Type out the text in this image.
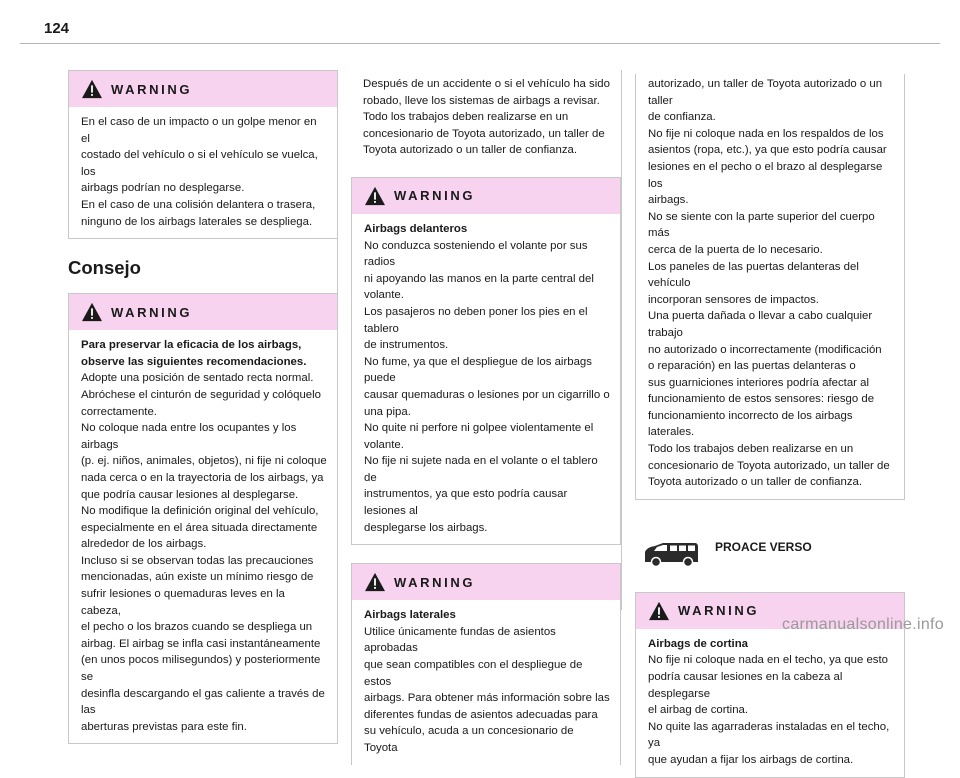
124
WARNING

En el caso de un impacto o un golpe menor en el

costado del vehículo o si el vehículo se vuelca, los

airbags podrían no desplegarse.

En el caso de una colisión delantera o trasera,

ninguno de los airbags laterales se despliega.

Consejo

WARNING

Para preservar la eficacia de los airbags,

observe las siguientes recomendaciones.

Adopte una posición de sentado recta normal.

Abróchese el cinturón de seguridad y colóquelo

correctamente.

No coloque nada entre los ocupantes y los airbags

(p. ej. niños, animales, objetos), ni fije ni coloque

nada cerca o en la trayectoria de los airbags, ya

que podría causar lesiones al desplegarse.

No modifique la definición original del vehículo,

especialmente en el área situada directamente

alrededor de los airbags.

Incluso si se observan todas las precauciones

mencionadas, aún existe un mínimo riesgo de

sufrir lesiones o quemaduras leves en la cabeza,

el pecho o los brazos cuando se despliega un

airbag. El airbag se infla casi instantáneamente

(en unos pocos milisegundos) y posteriormente se

desinfla descargando el gas caliente a través de las

aberturas previstas para este fin.

Después de un accidente o si el vehículo ha sido

robado, lleve los sistemas de airbags a revisar.

Todo los trabajos deben realizarse en un

concesionario de Toyota autorizado, un taller de

Toyota autorizado o un taller de confianza.

WARNING

Airbags delanteros

No conduzca sosteniendo el volante por sus radios

ni apoyando las manos en la parte central del

volante.

Los pasajeros no deben poner los pies en el tablero

de instrumentos.

No fume, ya que el despliegue de los airbags puede

causar quemaduras o lesiones por un cigarrillo o

una pipa.

No quite ni perfore ni golpee violentamente el

volante.

No fije ni sujete nada en el volante o el tablero de

instrumentos, ya que esto podría causar lesiones al

desplegarse los airbags.

WARNING

Airbags laterales

Utilice únicamente fundas de asientos aprobadas

que sean compatibles con el despliegue de estos

airbags. Para obtener más información sobre las

diferentes fundas de asientos adecuadas para

su vehículo, acuda a un concesionario de Toyota

autorizado, un taller de Toyota autorizado o un taller

de confianza.

No fije ni coloque nada en los respaldos de los

asientos (ropa, etc.), ya que esto podría causar

lesiones en el pecho o el brazo al desplegarse los

airbags.

No se siente con la parte superior del cuerpo más

cerca de la puerta de lo necesario.

Los paneles de las puertas delanteras del vehículo

incorporan sensores de impactos.

Una puerta dañada o llevar a cabo cualquier trabajo

no autorizado o incorrectamente (modificación

o reparación) en las puertas delanteras o

sus guarniciones interiores podría afectar al

funcionamiento de estos sensores: riesgo de

funcionamiento incorrecto de los airbags laterales.

Todo los trabajos deben realizarse en un

concesionario de Toyota autorizado, un taller de

Toyota autorizado o un taller de confianza.

PROACE VERSO
WARNING

Airbags de cortina

No fije ni coloque nada en el techo, ya que esto

podría causar lesiones en la cabeza al desplegarse

el airbag de cortina.

No quite las agarraderas instaladas en el techo, ya

que ayudan a fijar los airbags de cortina.

carmanualsonline.info
